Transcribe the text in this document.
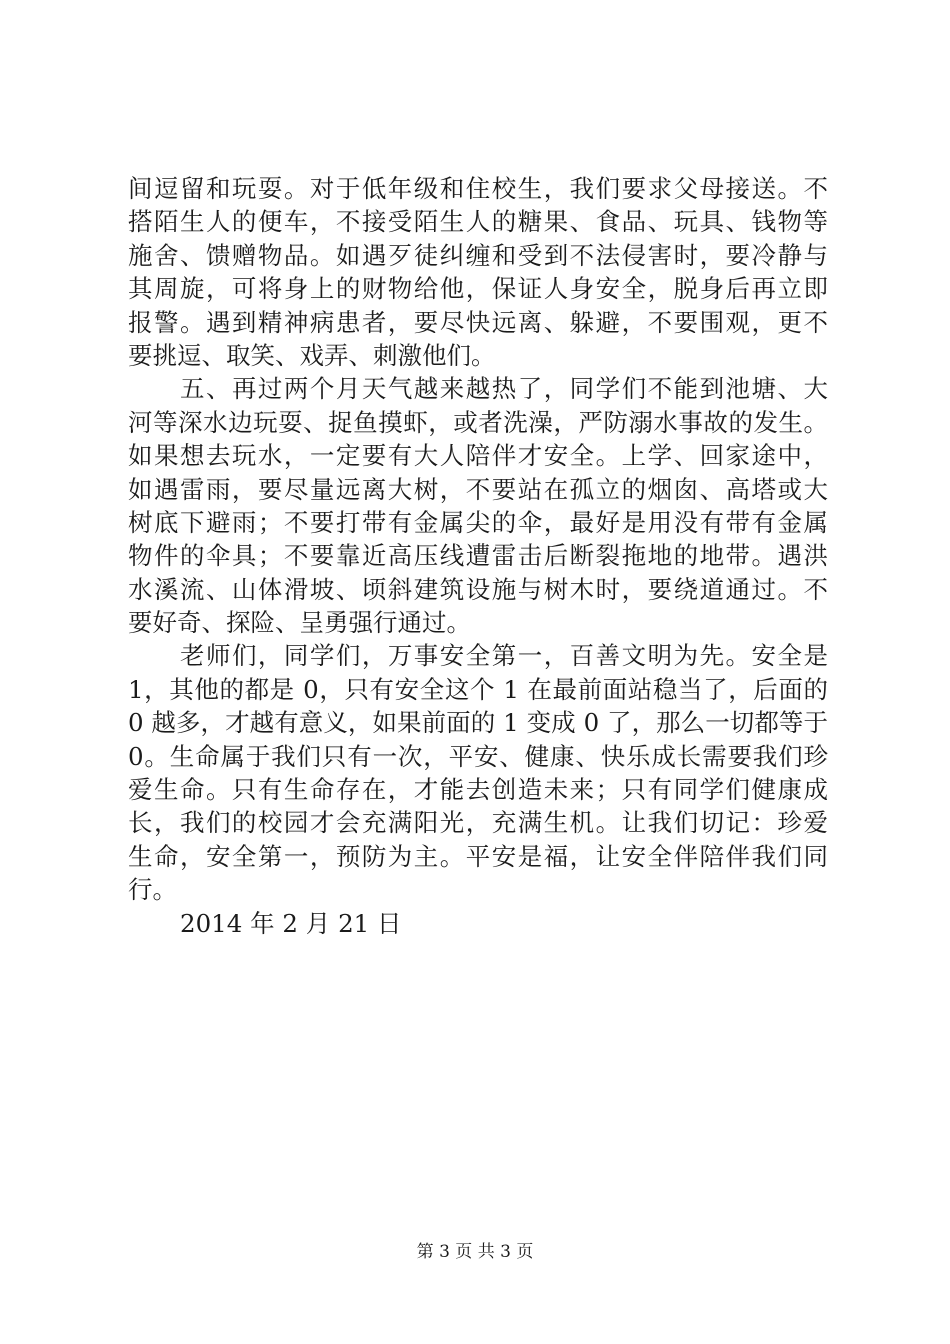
间逗留和玩耍。对于低年级和住校生，我们要求父母接送。不
搭陌生人的便车，不接受陌生人的糖果、食品、玩具、钱物等
施舍、馈赠物品。如遇歹徒纠缠和受到不法侵害时，要冷静与
其周旋，可将身上的财物给他，保证人身安全，脱身后再立即
报警。遇到精神病患者，要尽快远离、躲避，不要围观，更不
要挑逗、取笑、戏弄、刺激他们。
五、再过两个月天气越来越热了，同学们不能到池塘、大
河等深水边玩耍、捉鱼摸虾，或者洗澡，严防溺水事故的发生。
如果想去玩水，一定要有大人陪伴才安全。上学、回家途中，
如遇雷雨，要尽量远离大树，不要站在孤立的烟囱、高塔或大
树底下避雨；不要打带有金属尖的伞，最好是用没有带有金属
物件的伞具；不要靠近高压线遭雷击后断裂拖地的地带。遇洪
水溪流、山体滑坡、顷斜建筑设施与树木时，要绕道通过。不
要好奇、探险、呈勇强行通过。
老师们，同学们，万事安全第一，百善文明为先。安全是
1，其他的都是 0，只有安全这个 1 在最前面站稳当了，后面的
0 越多，才越有意义，如果前面的 1 变成 0 了，那么一切都等于
0。生命属于我们只有一次，平安、健康、快乐成长需要我们珍
爱生命。只有生命存在，才能去创造未来；只有同学们健康成
长，我们的校园才会充满阳光，充满生机。让我们切记：珍爱
生命，安全第一，预防为主。平安是福，让安全伴陪伴我们同
行。
2014 年 2 月 21 日
第 3 页 共 3 页
